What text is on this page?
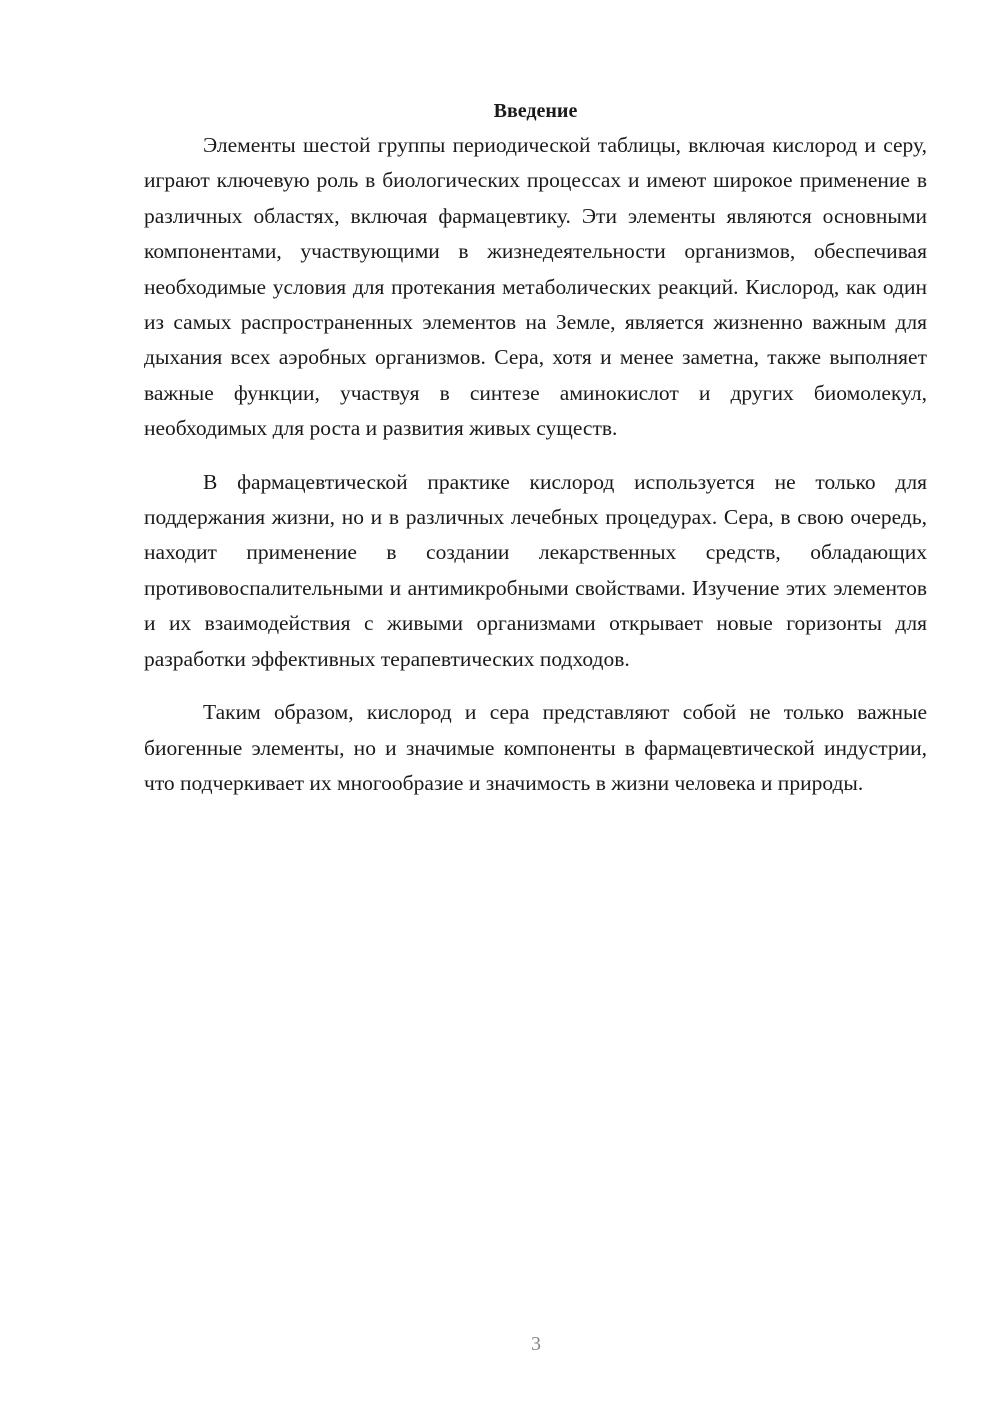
Введение

Элементы шестой группы периодической таблицы, включая кислород и серу, играют ключевую роль в биологических процессах и имеют широкое применение в различных областях, включая фармацевтику. Эти элементы являются основными компонентами, участвующими в жизнедеятельности организмов, обеспечивая необходимые условия для протекания метаболических реакций. Кислород, как один из самых распространенных элементов на Земле, является жизненно важным для дыхания всех аэробных организмов. Сера, хотя и менее заметна, также выполняет важные функции, участвуя в синтезе аминокислот и других биомолекул, необходимых для роста и развития живых существ.

В фармацевтической практике кислород используется не только для поддержания жизни, но и в различных лечебных процедурах. Сера, в свою очередь, находит применение в создании лекарственных средств, обладающих противовоспалительными и антимикробными свойствами. Изучение этих элементов и их взаимодействия с живыми организмами открывает новые горизонты для разработки эффективных терапевтических подходов.

Таким образом, кислород и сера представляют собой не только важные биогенные элементы, но и значимые компоненты в фармацевтической индустрии, что подчеркивает их многообразие и значимость в жизни человека и природы.

3
